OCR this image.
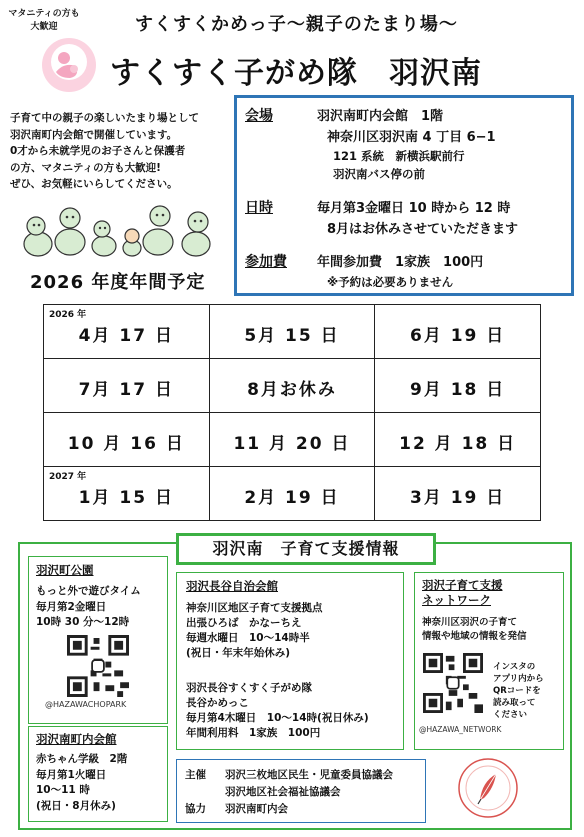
マタニティの方も
大歓迎	すくすくかめっ子〜親子のたまり場〜
すくすく子がめ隊　羽沢南
子育て中の親子の楽しいたまり場として
羽沢南町内会館で開催しています。
0才から未就学児のお子さんと保護者
の方、マタニティの方も大歓迎!
ぜひ、お気軽にいらしてください。
2026 年度年間予定
会場	羽沢南町内会館　1階
神奈川区羽沢南 4 丁目 6−1
121 系統　新横浜駅前行
羽沢南バス停の前
日時	毎月第3金曜日 10 時から 12 時
8月はお休みさせていただきます
参加費 年間参加費　1家族　100円
※予約は必要ありません
2026 年
4月 17 日	5月 15 日	6月 19 日

7月 17 日	8月お休み	9月 18 日

10 月 16 日	11 月 20 日	12 月 18 日

2027 年
1月 15 日	2月 19 日	3月 19 日
羽沢南　子育て支援情報
羽沢町公園
もっと外で遊びタイム
毎月第2金曜日
10時 30 分〜12時
@HAZAWACHOPARK
羽沢長谷自治会館
神奈川区地区子育て支援拠点
出張ひろば　かなーちえ
毎週水曜日　10〜14時半
(祝日・年末年始休み)
羽沢長谷すくすく子がめ隊
長谷かめっこ
毎月第4木曜日　10〜14時(祝日休み)
年間利用料　1家族　100円
羽沢子育て支援
ネットワーク
神奈川区羽沢の子育て
情報や地域の情報を発信
インスタの
アプリ内から
QRコードを
読み取って
ください
@HAZAWA_NETWORK
羽沢南町内会館
赤ちゃん学級　2階
毎月第1火曜日
10〜11 時
(祝日・8月休み)
主催 羽沢三枚地区民生・児童委員協議会
羽沢地区社会福祉協議会
協力 羽沢南町内会
